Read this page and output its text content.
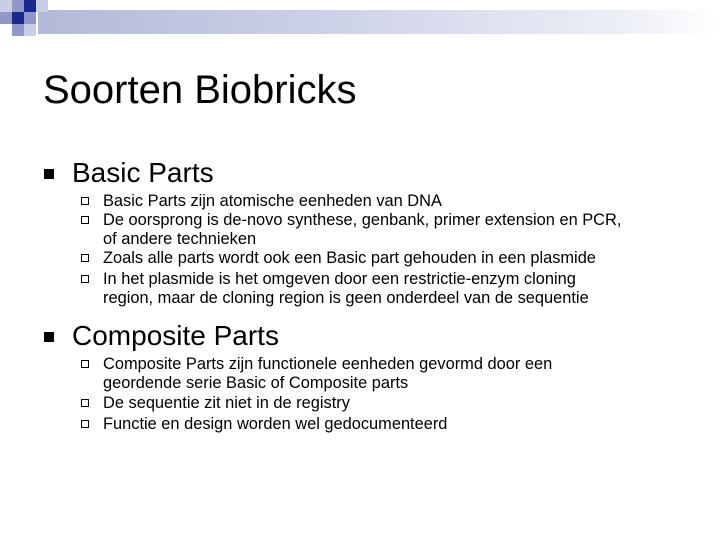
Soorten Biobricks
Basic Parts
Basic Parts zijn atomische eenheden van DNA
De oorsprong is de-novo synthese, genbank, primer extension en PCR,
of andere technieken
Zoals alle parts wordt ook een Basic part gehouden in een plasmide
In het plasmide is het omgeven door een restrictie-enzym cloning
region, maar de cloning region is geen onderdeel van de sequentie
Composite Parts
Composite Parts zijn functionele eenheden gevormd door een
geordende serie Basic of Composite parts
De sequentie zit niet in de registry
Functie en design worden wel gedocumenteerd
